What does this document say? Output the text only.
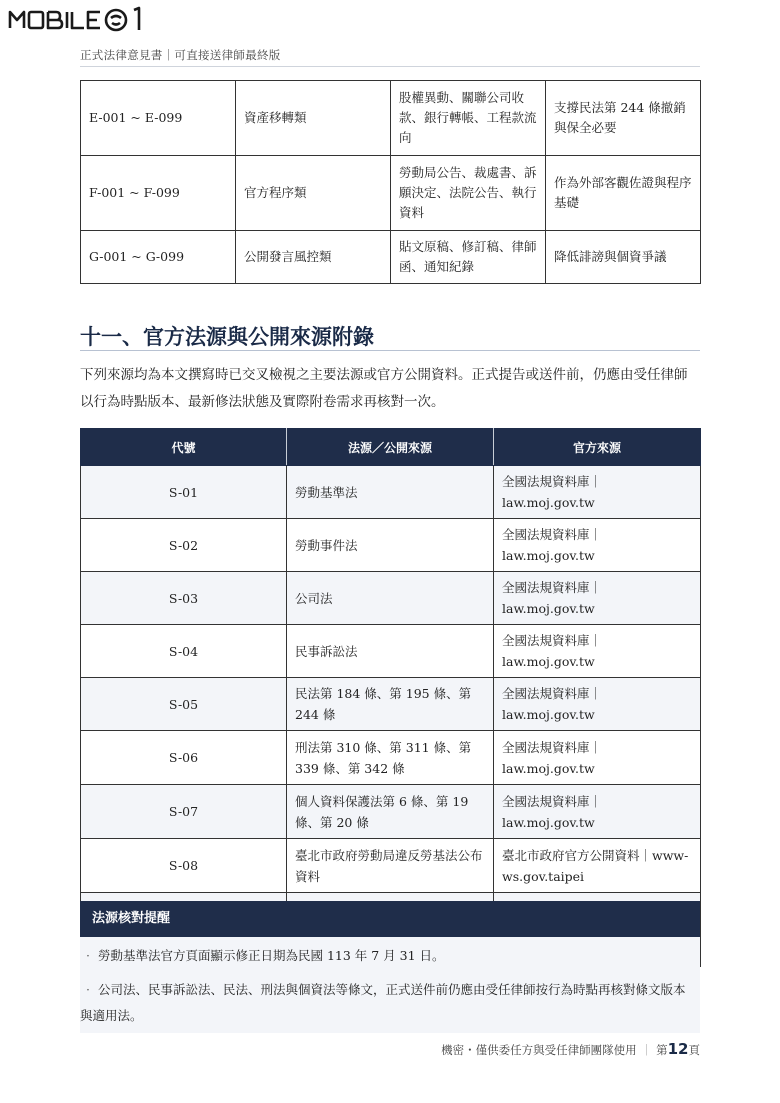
正式法律意見書｜可直接送律師最終版
E-001 ~ E-099	資產移轉類	股權異動、關聯公司收款、銀行轉帳、工程款流向	支撐民法第 244 條撤銷與保全必要
F-001 ~ F-099	官方程序類	勞動局公告、裁處書、訴願決定、法院公告、執行資料	作為外部客觀佐證與程序基礎
G-001 ~ G-099	公開發言風控類	貼文原稿、修訂稿、律師函、通知紀錄	降低誹謗與個資爭議
十一、官方法源與公開來源附錄

下列來源均為本文撰寫時已交叉檢視之主要法源或官方公開資料。正式提告或送件前，仍應由受任律師以行為時點版本、最新修法狀態及實際附卷需求再核對一次。

代號	法源／公開來源	官方來源
S-01	勞動基準法	全國法規資料庫｜law.moj.gov.tw
S-02	勞動事件法	全國法規資料庫｜law.moj.gov.tw
S-03	公司法	全國法規資料庫｜law.moj.gov.tw
S-04	民事訴訟法	全國法規資料庫｜law.moj.gov.tw
S-05	民法第 184 條、第 195 條、第 244 條	全國法規資料庫｜law.moj.gov.tw
S-06	刑法第 310 條、第 311 條、第 339 條、第 342 條	全國法規資料庫｜law.moj.gov.tw
S-07	個人資料保護法第 6 條、第 19 條、第 20 條	全國法規資料庫｜law.moj.gov.tw
S-08	臺北市政府勞動局違反勞基法公布資料	臺北市政府官方公開資料｜www-ws.gov.taipei

法源核對提醒

· 勞動基準法官方頁面顯示修正日期為民國 113 年 7 月 31 日。

· 公司法、民事訴訟法、民法、刑法與個資法等條文，正式送件前仍應由受任律師按行為時點再核對條文版本與適用法。

機密・僅供委任方與受任律師團隊使用 ｜ 第12頁
